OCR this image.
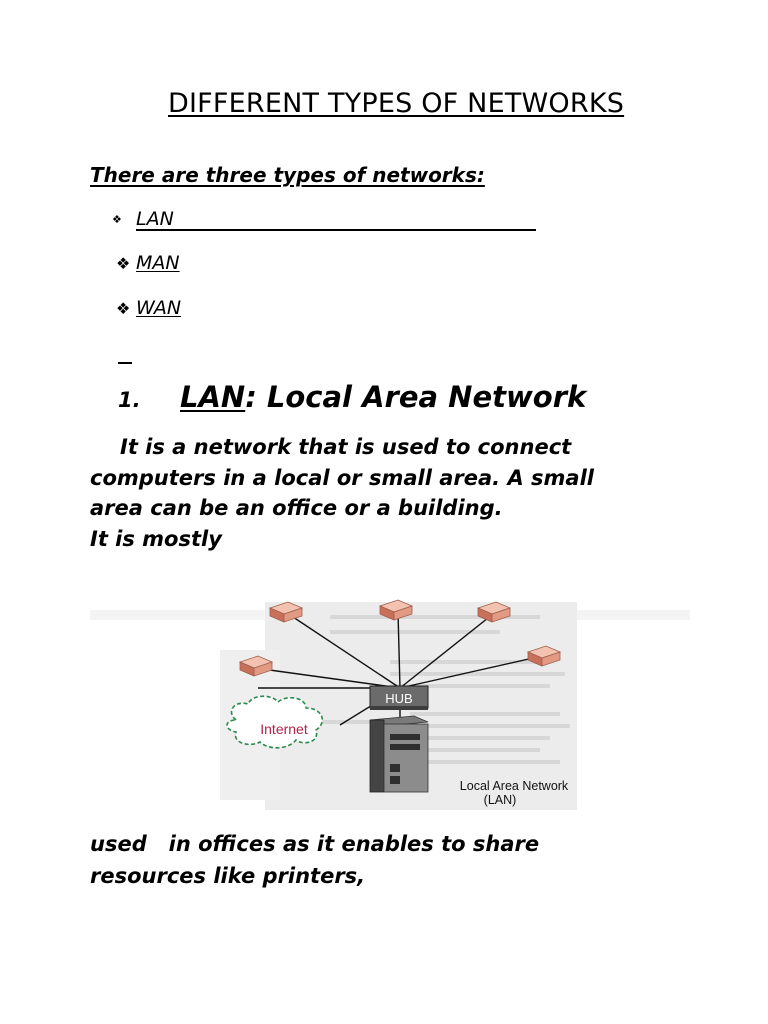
DIFFERENT TYPES OF NETWORKS
There are three types of networks:
❖ LAN
❖ MAN
❖ WAN
1. LAN: Local Area Network
It is a network that is used to connect
computers in a local or small area. A small
area can be an office or a building.
It is mostly
HUB
Internet
Local Area Network
(LAN)
used   in offices as it enables to share
resources like printers,
